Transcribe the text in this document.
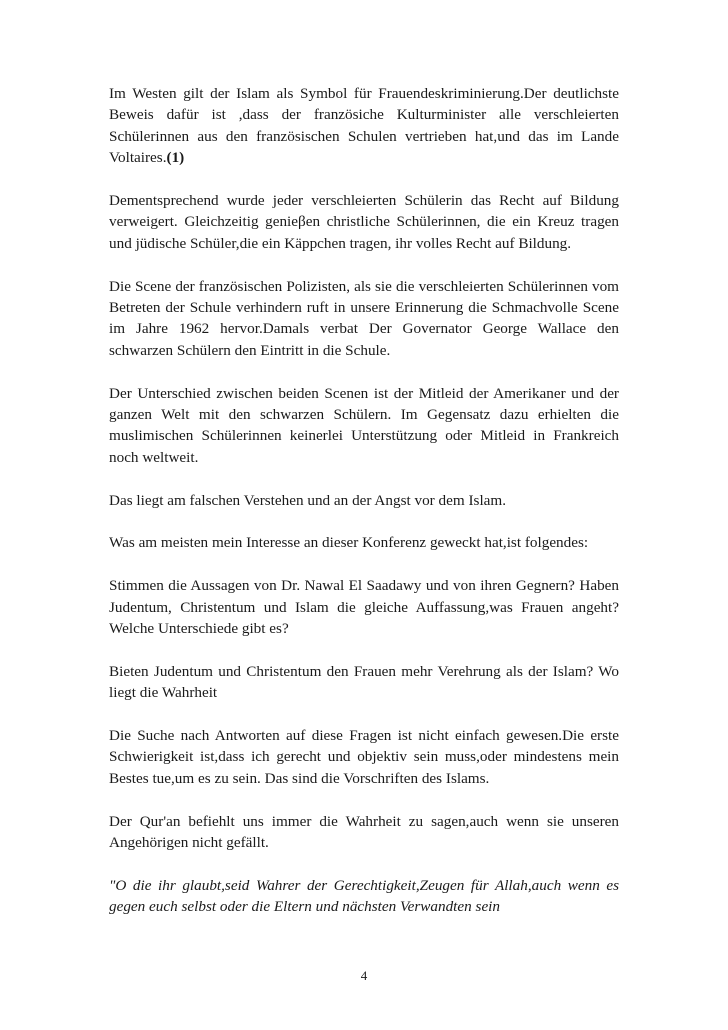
Im Westen gilt der Islam als Symbol für Frauendeskriminierung.Der deutlichste Beweis dafür ist ,dass der französiche Kulturminister alle verschleierten Schülerinnen aus den französischen Schulen vertrieben hat,und das im Lande Voltaires.(1)

Dementsprechend wurde jeder verschleierten Schülerin das Recht auf Bildung verweigert. Gleichzeitig genieβen christliche Schülerinnen, die ein Kreuz tragen und jüdische Schüler,die ein Käppchen tragen, ihr volles Recht auf Bildung.

Die Scene der französischen Polizisten, als sie die verschleierten Schülerinnen vom Betreten der Schule verhindern ruft in unsere Erinnerung die Schmachvolle Scene im Jahre 1962 hervor.Damals verbat Der Governator George Wallace den schwarzen Schülern den Eintritt in die Schule.

Der Unterschied zwischen beiden Scenen ist der Mitleid der Amerikaner und der ganzen Welt mit den schwarzen Schülern. Im Gegensatz dazu erhielten die muslimischen Schülerinnen keinerlei Unterstützung oder Mitleid in Frankreich noch weltweit.

Das liegt am falschen Verstehen und an der Angst vor dem Islam.

Was am meisten mein Interesse an dieser Konferenz geweckt hat,ist folgendes:

Stimmen die Aussagen von Dr. Nawal El Saadawy und von ihren Gegnern? Haben Judentum, Christentum und Islam die gleiche Auffassung,was Frauen angeht? Welche Unterschiede gibt es?

Bieten Judentum und Christentum den Frauen mehr Verehrung als der Islam? Wo liegt die Wahrheit

Die Suche nach Antworten auf diese Fragen ist nicht einfach gewesen.Die erste Schwierigkeit ist,dass ich gerecht und objektiv sein muss,oder mindestens mein Bestes tue,um es zu sein. Das sind die Vorschriften des Islams.

Der Qur'an befiehlt uns immer die Wahrheit zu sagen,auch wenn sie unseren Angehörigen nicht gefällt.

"O die ihr glaubt,seid Wahrer der Gerechtigkeit,Zeugen für Allah,auch wenn es gegen euch selbst oder die Eltern und nächsten Verwandten sein

4
